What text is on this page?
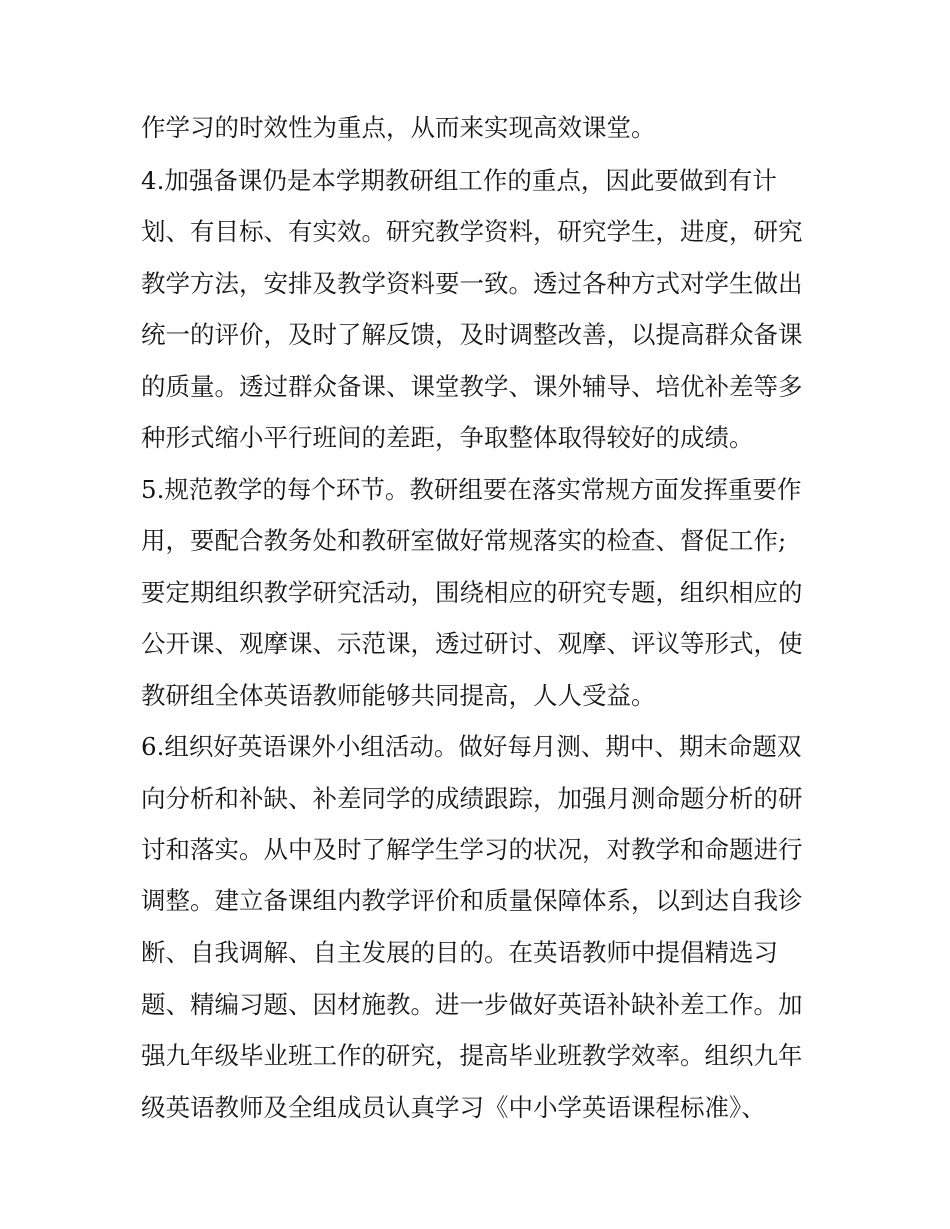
作学习的时效性为重点，从而来实现高效课堂。
4.加强备课仍是本学期教研组工作的重点，因此要做到有计
划、有目标、有实效。研究教学资料，研究学生，进度，研究
教学方法，安排及教学资料要一致。透过各种方式对学生做出
统一的评价，及时了解反馈，及时调整改善，以提高群众备课
的质量。透过群众备课、课堂教学、课外辅导、培优补差等多
种形式缩小平行班间的差距，争取整体取得较好的成绩。
5.规范教学的每个环节。教研组要在落实常规方面发挥重要作
用，要配合教务处和教研室做好常规落实的检查、督促工作;
要定期组织教学研究活动，围绕相应的研究专题，组织相应的
公开课、观摩课、示范课，透过研讨、观摩、评议等形式，使
教研组全体英语教师能够共同提高，人人受益。
6.组织好英语课外小组活动。做好每月测、期中、期末命题双
向分析和补缺、补差同学的成绩跟踪，加强月测命题分析的研
讨和落实。从中及时了解学生学习的状况，对教学和命题进行
调整。建立备课组内教学评价和质量保障体系，以到达自我诊
断、自我调解、自主发展的目的。在英语教师中提倡精选习
题、精编习题、因材施教。进一步做好英语补缺补差工作。加
强九年级毕业班工作的研究，提高毕业班教学效率。组织九年
级英语教师及全组成员认真学习《中小学英语课程标准》、
